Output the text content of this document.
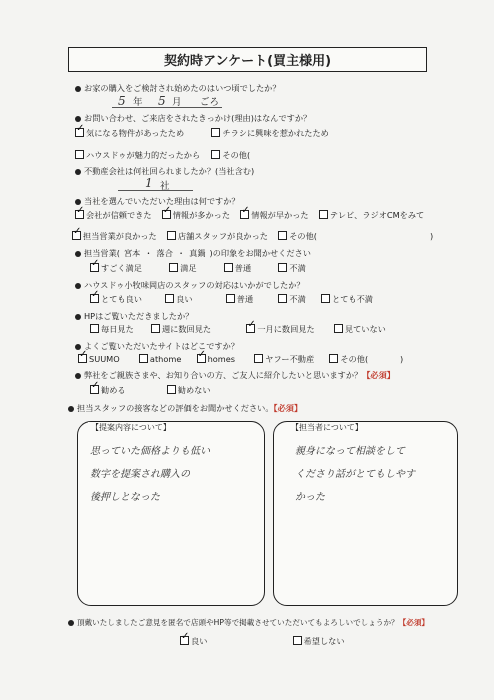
契約時アンケート(買主様用)
お家の購入をご検討され始めたのはいつ頃でしたか？
5 年 5 月 ごろ
お問い合わせ、ご来店をされたきっかけ(理由)はなんですか？
✓気になる物件があったため	チラシに興味を惹かれたため
ハウスドゥが魅力的だったから	その他(
不動産会社は何社回られましたか？(当社含む)
1 社
当社を選んでいただいた理由は何ですか？
✓会社が信頼できた ✓	情報が多かった ✓	情報が早かった	テレビ、ラジオCMをみて
✓担当営業が良かった	店舗スタッフが良かった	その他(	)
担当営業( 宮本 ・ 落合 ・ 真鍋 )の印象をお聞かせください
✓すごく満足	満足	普通	不満
ハウスドゥ小牧味岡店のスタッフの対応はいかがでしたか？
✓とても良い	良い	普通	不満	とても不満
HPはご覧いただきましたか？
毎日見た	週に数回見た ✓	一月に数回見た	見ていない
よくご覧いただいたサイトはどこですか？
✓SUUMO	athome ✓	homes	ヤフー不動産	その他(	)
弊社をご親族さまや、お知り合いの方、ご友人に紹介したいと思いますか？【必須】
✓勧める	勧めない
担当スタッフの接客などの評価をお聞かせください。【必須】
【提案内容について】
思っていた価格よりも低い
数字を提案され購入の
後押しとなった
【担当者について】
親身になって相談をして
くださり話がとてもしやす
かった
頂戴いたしましたご意見を匿名で店頭やHP等で掲載させていただいてもよろしいでしょうか？【必須】
✓良い	希望しない
